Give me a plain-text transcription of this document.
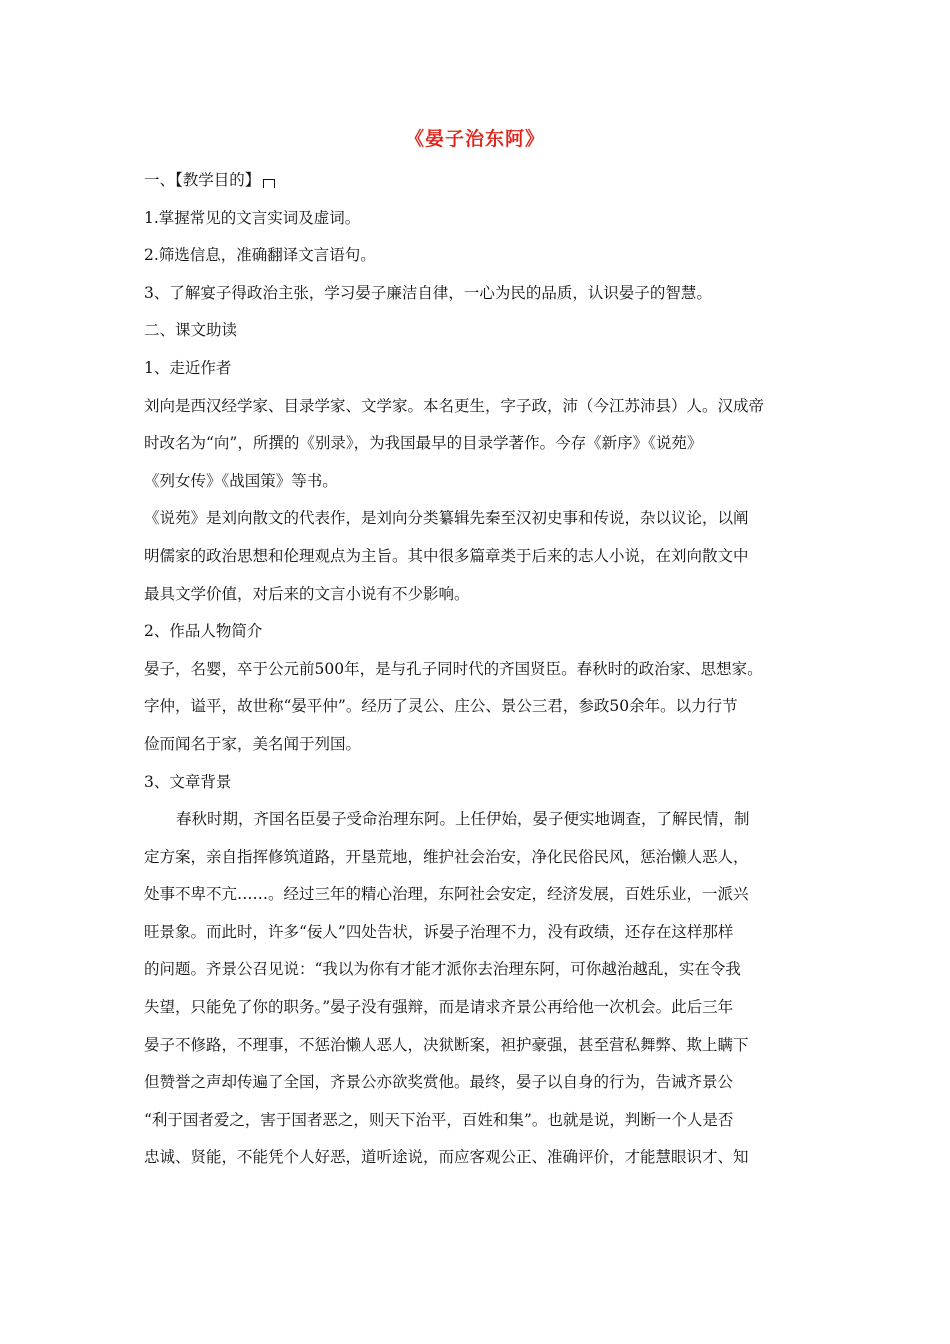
《晏子治东阿》
一、【教学目的】
1.掌握常见的文言实词及虚词。
2.筛选信息，准确翻译文言语句。
3、了解宴子得政治主张，学习晏子廉洁自律，一心为民的品质，认识晏子的智慧。
二、课文助读
1、走近作者
刘向是西汉经学家、目录学家、文学家。本名更生，字子政，沛（今江苏沛县）人。汉成帝
时改名为“向”，所撰的《别录》，为我国最早的目录学著作。今存《新序》《说苑》
《列女传》《战国策》等书。
《说苑》是刘向散文的代表作，是刘向分类纂辑先秦至汉初史事和传说，杂以议论，以阐
明儒家的政治思想和伦理观点为主旨。其中很多篇章类于后来的志人小说，在刘向散文中
最具文学价值，对后来的文言小说有不少影响。
2、作品人物简介
晏子，名婴，卒于公元前500年，是与孔子同时代的齐国贤臣。春秋时的政治家、思想家。
字仲，谥平，故世称“晏平仲”。经历了灵公、庄公、景公三君，参政50余年。以力行节
俭而闻名于家，美名闻于列国。
3、文章背景
春秋时期，齐国名臣晏子受命治理东阿。上任伊始，晏子便实地调查，了解民情，制
定方案，亲自指挥修筑道路，开垦荒地，维护社会治安，净化民俗民风，惩治懒人恶人，
处事不卑不亢……。经过三年的精心治理，东阿社会安定，经济发展，百姓乐业，一派兴
旺景象。而此时，许多“佞人”四处告状，诉晏子治理不力，没有政绩，还存在这样那样
的问题。齐景公召见说：“我以为你有才能才派你去治理东阿，可你越治越乱，实在令我
失望，只能免了你的职务。”晏子没有强辩，而是请求齐景公再给他一次机会。此后三年
晏子不修路，不理事，不惩治懒人恶人，决狱断案，袒护豪强，甚至营私舞弊、欺上瞒下
但赞誉之声却传遍了全国，齐景公亦欲奖赏他。最终，晏子以自身的行为，告诫齐景公
“利于国者爱之，害于国者恶之，则天下治平，百姓和集”。也就是说，判断一个人是否
忠诚、贤能，不能凭个人好恶，道听途说，而应客观公正、准确评价，才能慧眼识才、知
